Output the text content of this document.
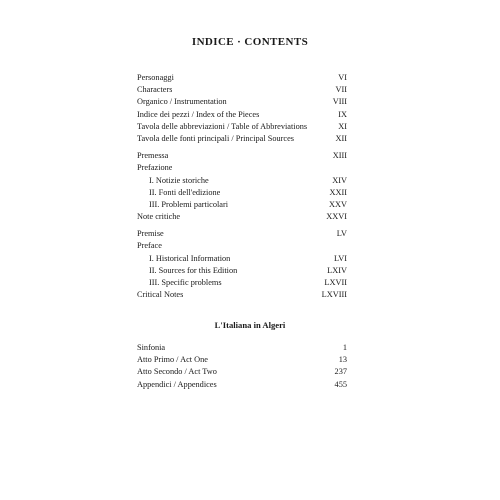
INDICE · CONTENTS
Personaggi	VI
Characters	VII
Organico / Instrumentation	VIII
Indice dei pezzi / Index of the Pieces	IX
Tavola delle abbreviazioni / Table of Abbreviations	XI
Tavola delle fonti principali / Principal Sources	XII
Premessa	XIII
Prefazione
I. Notizie storiche	XIV
II. Fonti dell'edizione	XXII
III. Problemi particolari	XXV
Note critiche	XXVI
Premise	LV
Preface
I. Historical Information	LVI
II. Sources for this Edition	LXIV
III. Specific problems	LXVII
Critical Notes	LXVIII
L'Italiana in Algeri
Sinfonia	1
Atto Primo / Act One	13
Atto Secondo / Act Two	237
Appendici / Appendices	455
